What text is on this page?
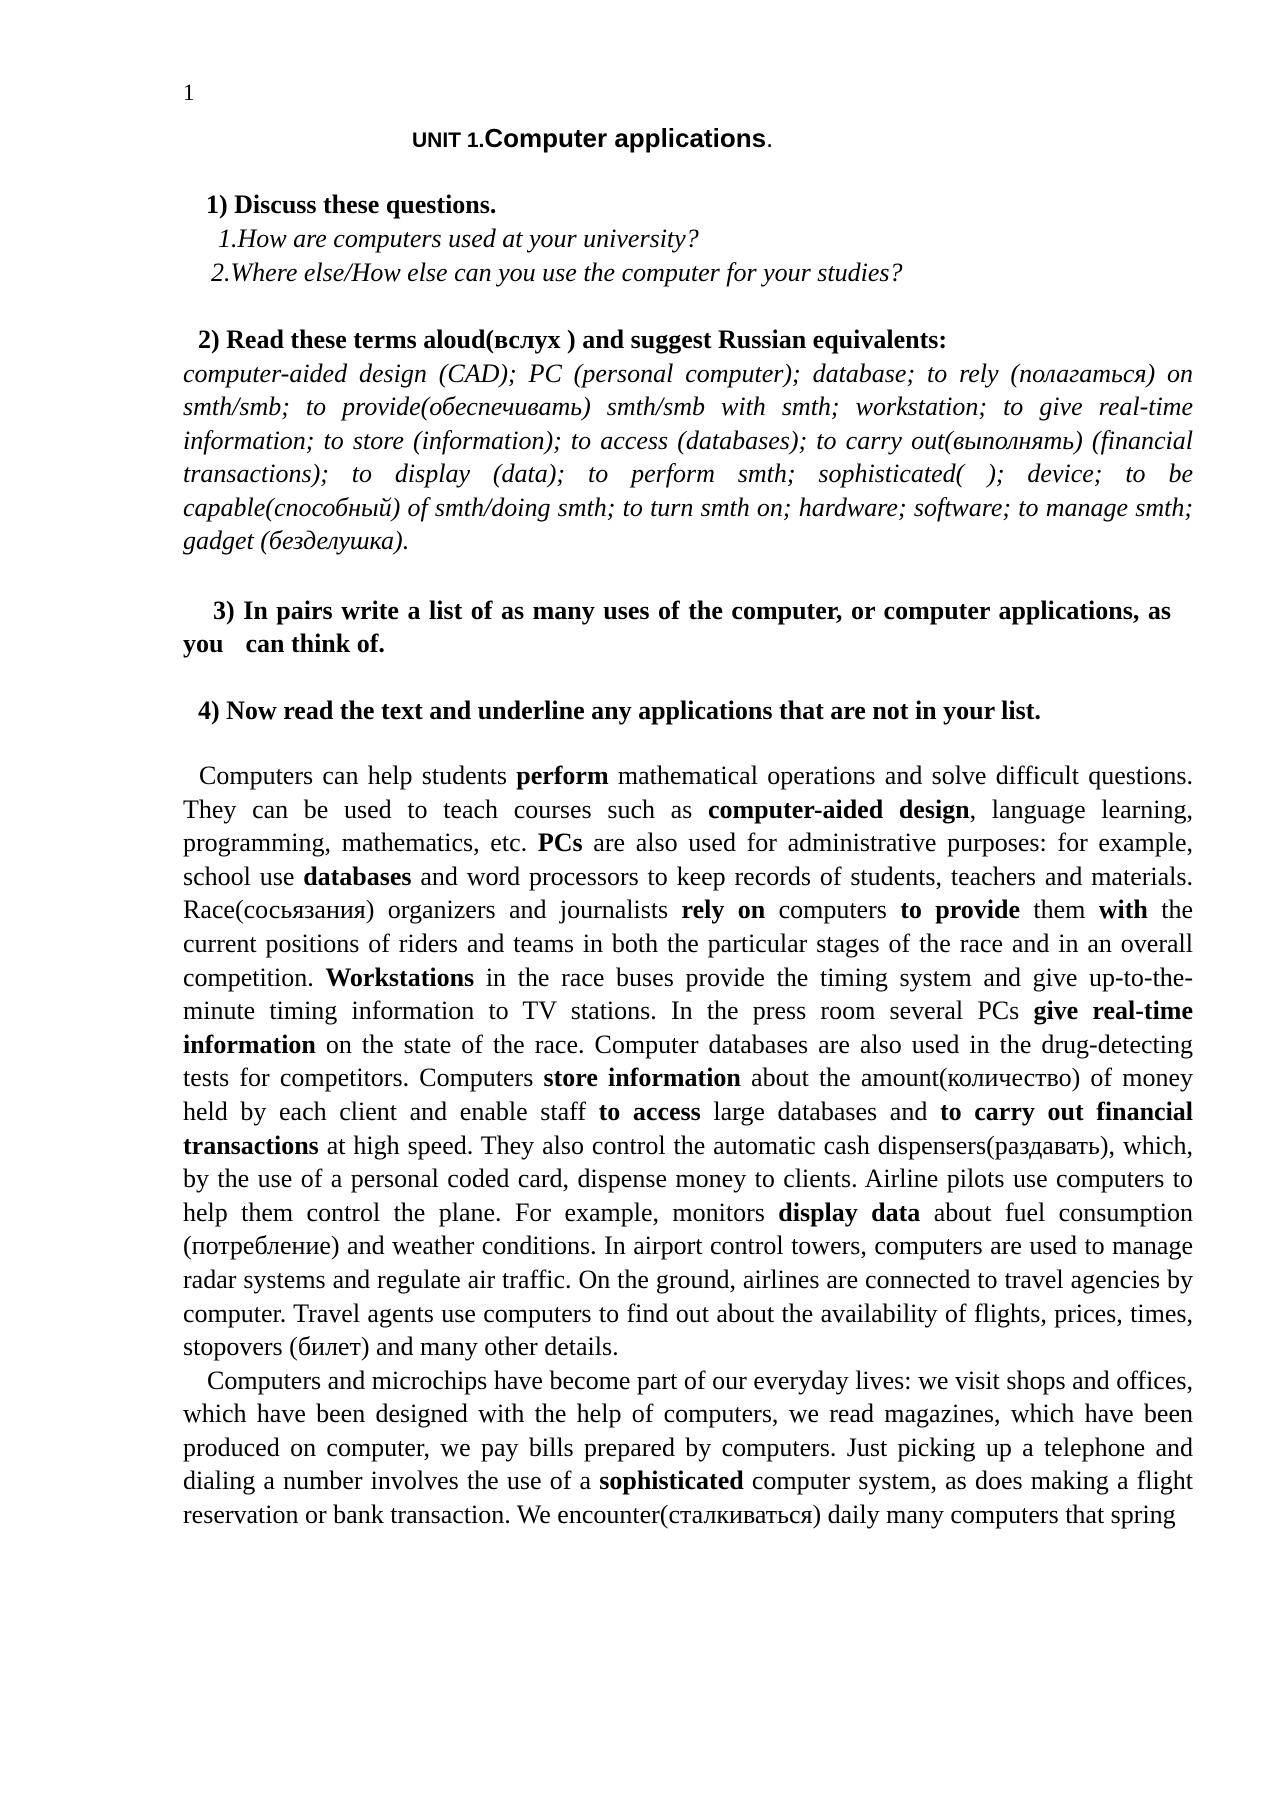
1
UNIT 1.Computer applications.
1) Discuss these questions.
1.How are computers used at your university?
2.Where else/How else can you use the computer for your studies?
2) Read these terms aloud(вслух ) and suggest Russian equivalents:

computer-aided design (CAD); PC (personal computer); database; to rely (полагаться) on smth/smb; to provide(обеспечивать) smth/smb with smth; workstation; to give real-time information; to store (information); to access (databases); to carry out(выполнять) (financial transactions); to display (data); to perform smth; sophisticated( ); device; to be capable(способный) of smth/doing smth; to turn smth on; hardware; software; to manage smth; gadget (безделушка).

3) In pairs write a list of as many uses of the computer, or computer applications, asyou can think of.
4) Now read the text and underline any applications that are not in your list.

Computers can help students perform mathematical operations and solve difficult questions. They can be used to teach courses such as computer-aided design, language learning, programming, mathematics, etc. PCs are also used for administrative purposes: for example, school use databases and word processors to keep records of students, teachers and materials. Race(сосьязания) organizers and journalists rely on computers to provide them with the current positions of riders and teams in both the particular stages of the race and in an overall competition. Workstations in the race buses provide the timing system and give up-to-the-minute timing information to TV stations. In the press room several PCs give real-time information on the state of the race. Computer databases are also used in the drug-detecting tests for competitors. Computers store information about the amount(количество) of money held by each client and enable staff to access large databases and to carry out financial transactions at high speed. They also control the automatic cash dispensers(раздавать), which, by the use of a personal coded card, dispense money to clients. Airline pilots use computers to help them control the plane. For example, monitors display data about fuel consumption (потребление) and weather conditions. In airport control towers, computers are used to manage radar systems and regulate air traffic. On the ground, airlines are connected to travel agencies by computer. Travel agents use computers to find out about the availability of flights, prices, times, stopovers (билет) and many other details.

Computers and microchips have become part of our everyday lives: we visit shops and offices, which have been designed with the help of computers, we read magazines, which have been produced on computer, we pay bills prepared by computers. Just picking up a telephone and dialing a number involves the use of a sophisticated computer system, as does making a flight reservation or bank transaction. We encounter(сталкиваться) daily many computers that spring
